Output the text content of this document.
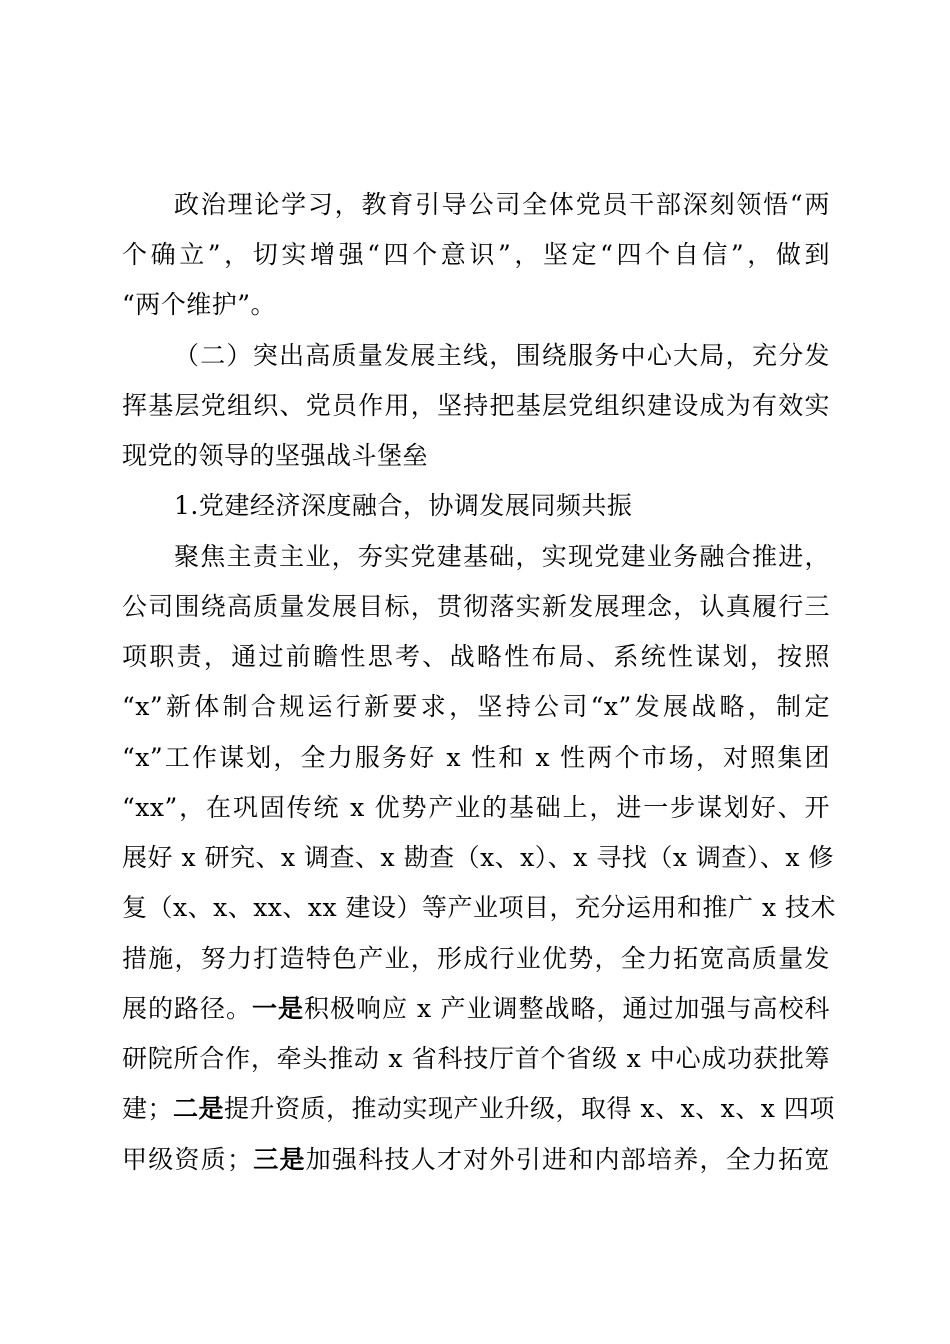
政治理论学习，教育引导公司全体党员干部深刻领悟“两
个确立”，切实增强“四个意识”，坚定“四个自信”，做到
“两个维护”。
（二）突出高质量发展主线，围绕服务中心大局，充分发
挥基层党组织、党员作用，坚持把基层党组织建设成为有效实
现党的领导的坚强战斗堡垒
1.党建经济深度融合，协调发展同频共振
聚焦主责主业，夯实党建基础，实现党建业务融合推进，
公司围绕高质量发展目标，贯彻落实新发展理念，认真履行三
项职责，通过前瞻性思考、战略性布局、系统性谋划，按照
“x”新体制合规运行新要求，坚持公司“x”发展战略，制定
“x”工作谋划，全力服务好 x 性和 x 性两个市场，对照集团
“xx”，在巩固传统 x 优势产业的基础上，进一步谋划好、开
展好 x 研究、x 调查、x 勘查（x、x）、x 寻找（x 调查）、x 修
复（x、x、xx、xx 建设）等产业项目，充分运用和推广 x 技术
措施，努力打造特色产业，形成行业优势，全力拓宽高质量发
展的路径。一是积极响应 x 产业调整战略，通过加强与高校科
研院所合作，牵头推动 x 省科技厅首个省级 x 中心成功获批筹
建；二是提升资质，推动实现产业升级，取得 x、x、x、x 四项
甲级资质；三是加强科技人才对外引进和内部培养，全力拓宽
